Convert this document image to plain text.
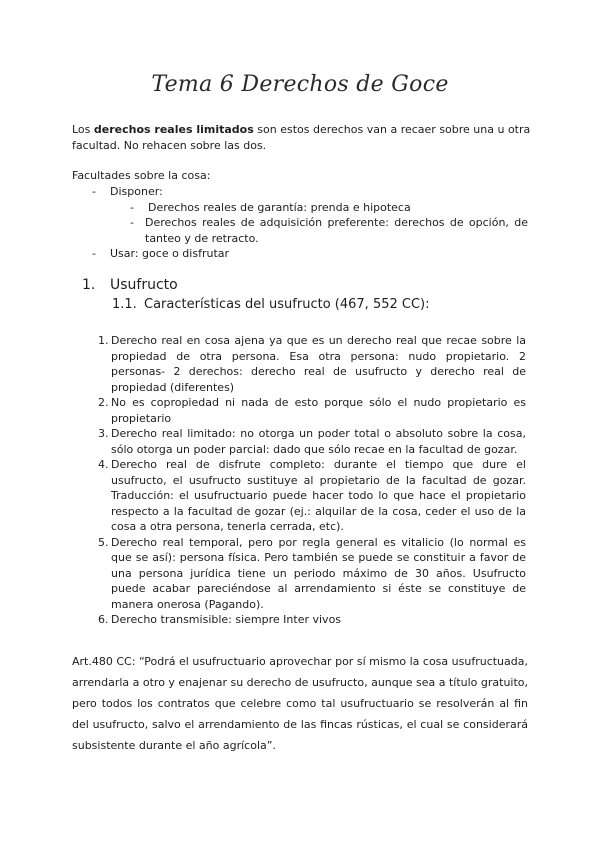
Tema 6 Derechos de Goce
Los derechos reales limitados son estos derechos van a recaer sobre una u otra facultad. No rehacen sobre las dos.
Facultades sobre la cosa:
- Disponer:
- Derechos reales de garantía: prenda e hipoteca
- Derechos reales de adquisición preferente: derechos de opción, de tanteo y de retracto.
- Usar: goce o disfrutar
1. Usufructo
1.1. Características del usufructo (467, 552 CC):
1. Derecho real en cosa ajena ya que es un derecho real que recae sobre la propiedad de otra persona. Esa otra persona: nudo propietario. 2 personas- 2 derechos: derecho real de usufructo y derecho real de propiedad (diferentes)
2. No es copropiedad ni nada de esto porque sólo el nudo propietario es propietario
3. Derecho real limitado: no otorga un poder total o absoluto sobre la cosa, sólo otorga un poder parcial: dado que sólo recae en la facultad de gozar.
4. Derecho real de disfrute completo: durante el tiempo que dure el usufructo, el usufructo sustituye al propietario de la facultad de gozar. Traducción: el usufructuario puede hacer todo lo que hace el propietario respecto a la facultad de gozar (ej.: alquilar de la cosa, ceder el uso de la cosa a otra persona, tenerla cerrada, etc).
5. Derecho real temporal, pero por regla general es vitalicio (lo normal es que se así): persona física. Pero también se puede se constituir a favor de una persona jurídica tiene un periodo máximo de 30 años. Usufructo puede acabar pareciéndose al arrendamiento si éste se constituye de manera onerosa (Pagando).
6. Derecho transmisible: siempre Inter vivos
Art.480 CC: “Podrá el usufructuario aprovechar por sí mismo la cosa usufructuada, arrendarla a otro y enajenar su derecho de usufructo, aunque sea a título gratuito, pero todos los contratos que celebre como tal usufructuario se resolverán al fin del usufructo, salvo el arrendamiento de las fincas rústicas, el cual se considerará subsistente durante el año agrícola”.
